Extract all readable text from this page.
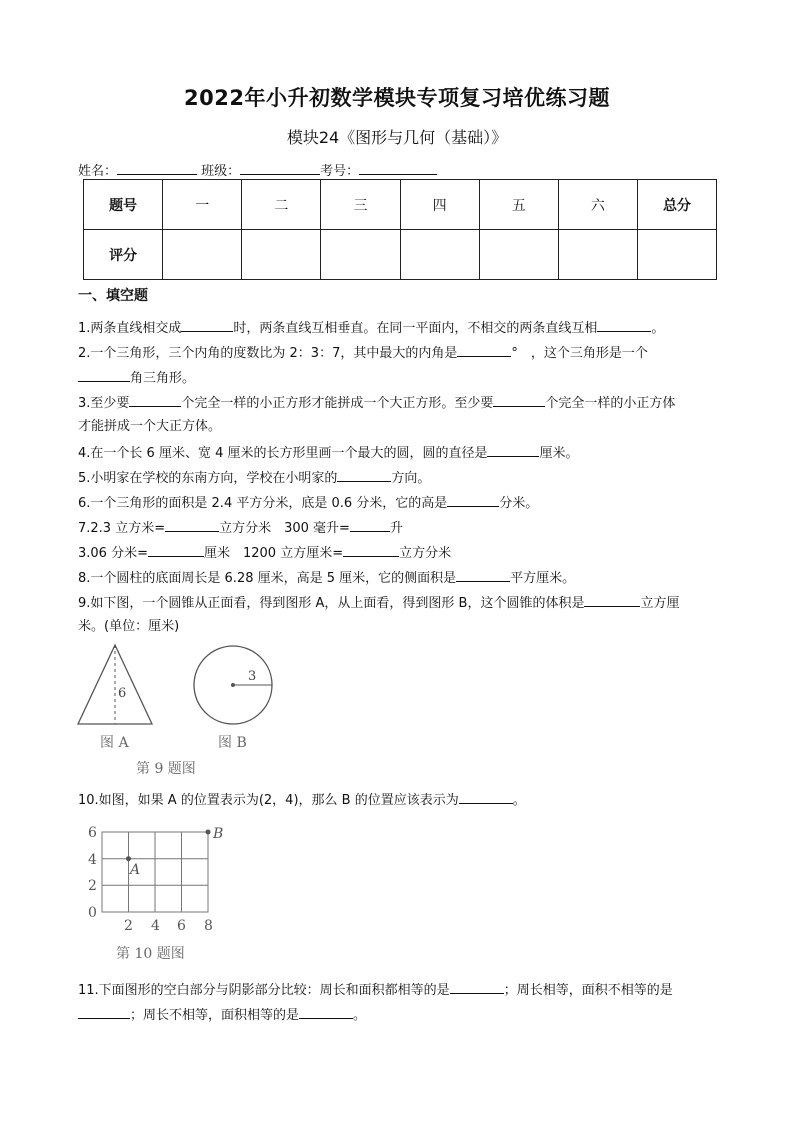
2022年小升初数学模块专项复习培优练习题
模块24《图形与几何（基础）》
姓名：	班级：	考号：
题号	一	二	三	四	五	六	总分
评分							
一、填空题
1.两条直线相交成	时，两条直线互相垂直。在同一平面内，不相交的两条直线互相	。
2.一个三角形，三个内角的度数比为 2：3：7，其中最大的内角是	°　，这个三角形是一个
角三角形。
3.至少要	个完全一样的小正方形才能拼成一个大正方形。至少要	个完全一样的小正方体
才能拼成一个大正方体。
4.在一个长 6 厘米、宽 4 厘米的长方形里画一个最大的圆，圆的直径是	厘米。
5.小明家在学校的东南方向，学校在小明家的	方向。
6.一个三角形的面积是 2.4 平方分米，底是 0.6 分米，它的高是	分米。
7.2.3 立方米=	立方分米　300 毫升=	升
3.06 分米=	厘米　1200 立方厘米=	立方分米
8.一个圆柱的底面周长是 6.28 厘米，高是 5 厘米，它的侧面积是	平方厘米。
9.如下图，一个圆锥从正面看，得到图形 A，从上面看，得到图形 B，这个圆锥的体积是	立方厘
米。(单位：厘米)
6
3
图 A	图 B
第 9 题图
10.如图，如果 A 的位置表示为(2，4)，那么 B 的位置应该表示为	。
6
4
2
0
2 4 6 8
A
B
第 10 题图
11.下面图形的空白部分与阴影部分比较：周长和面积都相等的是	；周长相等，面积不相等的是
；周长不相等，面积相等的是	。
